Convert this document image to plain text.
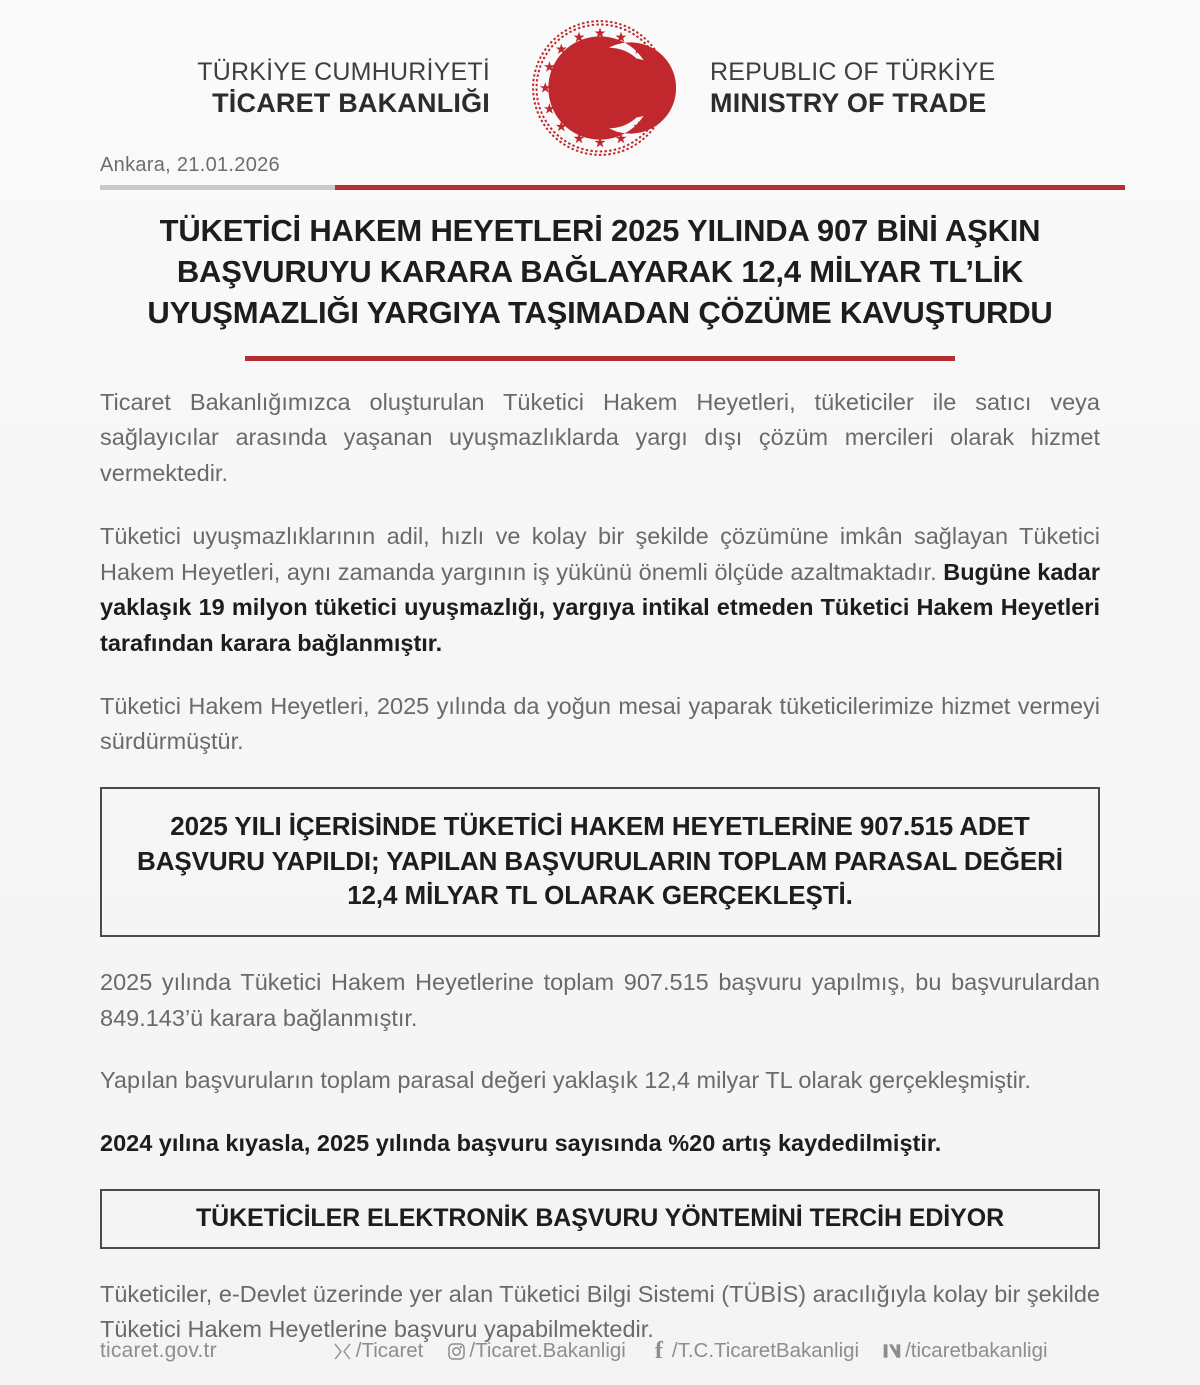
TÜRKİYE CUMHURİYETİ
TİCARET BAKANLIĞI
REPUBLIC OF TÜRKİYE
MINISTRY OF TRADE
Ankara, 21.01.2026
TÜKETİCİ HAKEM HEYETLERİ 2025 YILINDA 907 BİNİ AŞKIN BAŞVURUYU KARARA BAĞLAYARAK 12,4 MİLYAR TL’LİK UYUŞMAZLIĞI YARGIYA TAŞIMADAN ÇÖZÜME KAVUŞTURDU

Ticaret Bakanlığımızca oluşturulan Tüketici Hakem Heyetleri, tüketiciler ile satıcı veya sağlayıcılar arasında yaşanan uyuşmazlıklarda yargı dışı çözüm mercileri olarak hizmet vermektedir.

Tüketici uyuşmazlıklarının adil, hızlı ve kolay bir şekilde çözümüne imkân sağlayan Tüketici Hakem Heyetleri, aynı zamanda yargının iş yükünü önemli ölçüde azaltmaktadır. Bugüne kadar yaklaşık 19 milyon tüketici uyuşmazlığı, yargıya intikal etmeden Tüketici Hakem Heyetleri tarafından karara bağlanmıştır.

Tüketici Hakem Heyetleri, 2025 yılında da yoğun mesai yaparak tüketicilerimize hizmet vermeyi sürdürmüştür.

2025 YILI İÇERİSİNDE TÜKETİCİ HAKEM HEYETLERİNE 907.515 ADET BAŞVURU YAPILDI; YAPILAN BAŞVURULARIN TOPLAM PARASAL DEĞERİ 12,4 MİLYAR TL OLARAK GERÇEKLEŞTİ.

2025 yılında Tüketici Hakem Heyetlerine toplam 907.515 başvuru yapılmış, bu başvurulardan 849.143’ü karara bağlanmıştır.

Yapılan başvuruların toplam parasal değeri yaklaşık 12,4 milyar TL olarak gerçekleşmiştir.

2024 yılına kıyasla, 2025 yılında başvuru sayısında %20 artış kaydedilmiştir.

TÜKETİCİLER ELEKTRONİK BAŞVURU YÖNTEMİNİ TERCİH EDİYOR

Tüketiciler, e-Devlet üzerinde yer alan Tüketici Bilgi Sistemi (TÜBİS) aracılığıyla kolay bir şekilde Tüketici Hakem Heyetlerine başvuru yapabilmektedir.

ticaret.gov.tr	/Ticaret /Ticaret.Bakanligi f /T.C.TicaretBakanligi /ticaretbakanligi
